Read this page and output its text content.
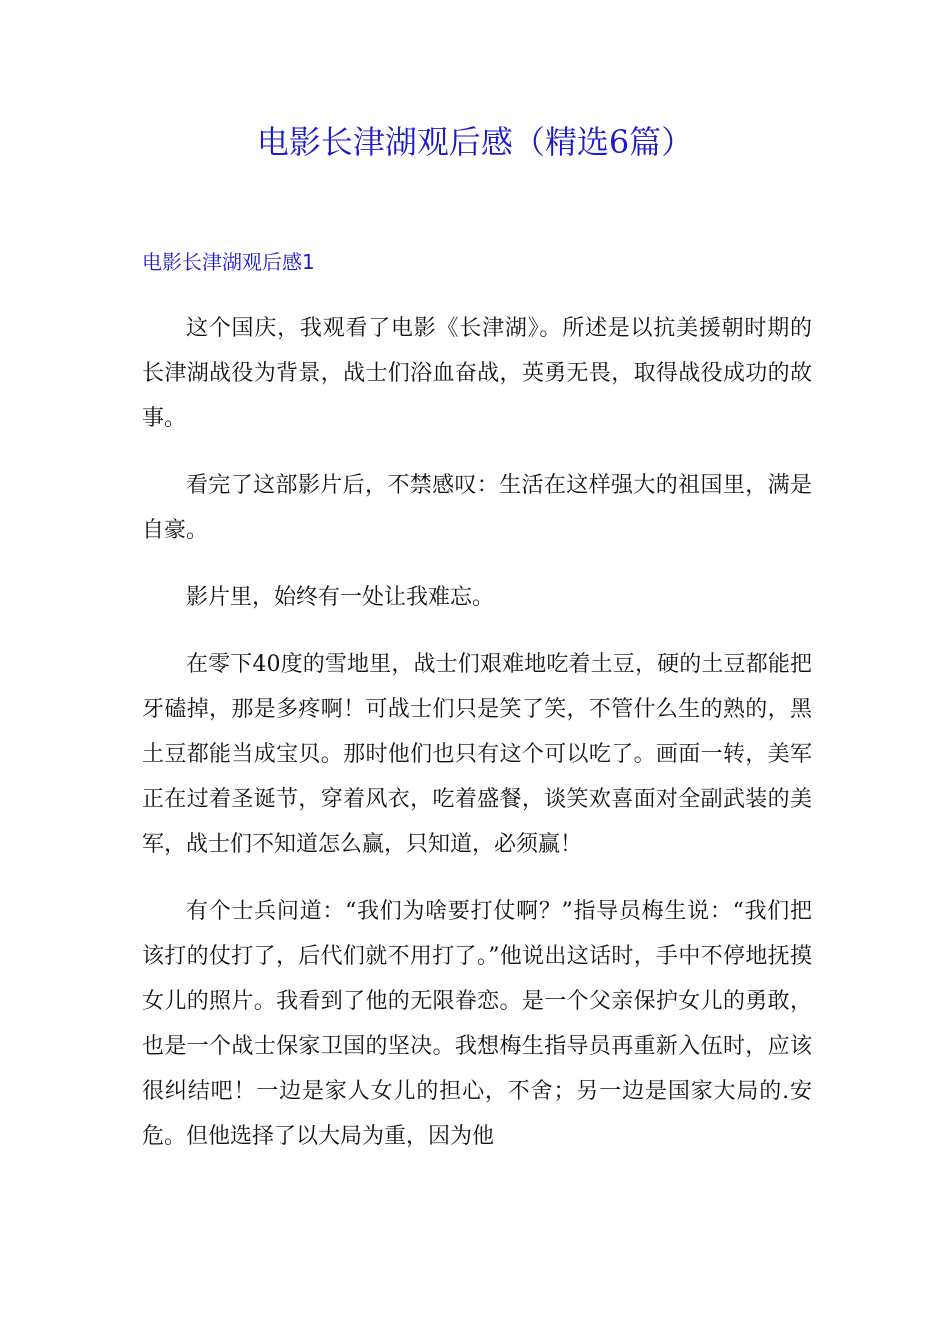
电影长津湖观后感（精选6篇）
电影长津湖观后感1

这个国庆，我观看了电影《长津湖》。所述是以抗美援朝时期的长津湖战役为背景，战士们浴血奋战，英勇无畏，取得战役成功的故事。

看完了这部影片后，不禁感叹：生活在这样强大的祖国里，满是自豪。

影片里，始终有一处让我难忘。

在零下40度的雪地里，战士们艰难地吃着土豆，硬的土豆都能把牙磕掉，那是多疼啊！可战士们只是笑了笑，不管什么生的熟的，黑土豆都能当成宝贝。那时他们也只有这个可以吃了。画面一转，美军正在过着圣诞节，穿着风衣，吃着盛餐，谈笑欢喜面对全副武装的美军，战士们不知道怎么赢，只知道，必须赢！

有个士兵问道：“我们为啥要打仗啊？”指导员梅生说：“我们把该打的仗打了，后代们就不用打了。”他说出这话时，手中不停地抚摸女儿的照片。我看到了他的无限眷恋。是一个父亲保护女儿的勇敢，也是一个战士保家卫国的坚决。我想梅生指导员再重新入伍时，应该很纠结吧！一边是家人女儿的担心，不舍；另一边是国家大局的.安危。但他选择了以大局为重，因为他
